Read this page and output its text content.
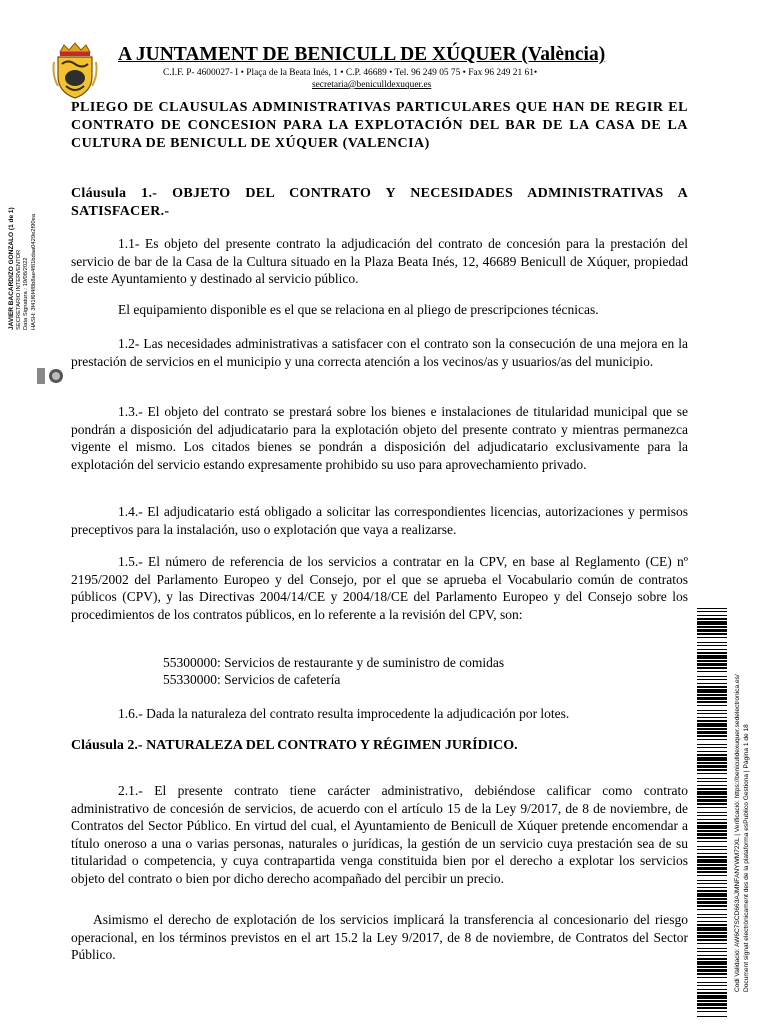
A JUNTAMENT DE BENICULL DE XÚQUER (València)
C.I.F. P- 4600027- I • Plaça de la Beata Inés, 1 • C.P. 46689 • Tel. 96 249 05 75 • Fax 96 249 21 61•
secretaria@beniculldexuquer.es
PLIEGO DE CLAUSULAS ADMINISTRATIVAS PARTICULARES QUE HAN DE REGIR EL CONTRATO DE CONCESION PARA LA EXPLOTACIÓN DEL BAR DE LA CASA DE LA CULTURA DE BENICULL DE XÚQUER (VALENCIA)
Cláusula 1.- OBJETO DEL CONTRATO Y NECESIDADES ADMINISTRATIVAS A SATISFACER.-

1.1- Es objeto del presente contrato la adjudicación del contrato de concesión para la prestación del servicio de bar de la Casa de la Cultura situado en la Plaza Beata Inés, 12, 46689 Benicull de Xúquer, propiedad de este Ayuntamiento y destinado al servicio público.

El equipamiento disponible es el que se relaciona en al pliego de prescripciones técnicas.

1.2- Las necesidades administrativas a satisfacer con el contrato son la consecución de una mejora en la prestación de servicios en el municipio y una correcta atención a los vecinos/as y usuarios/as del municipio.

1.3.- El objeto del contrato se prestará sobre los bienes e instalaciones de titularidad municipal que se pondrán a disposición del adjudicatario para la explotación objeto del presente contrato y mientras permanezca vigente el mismo. Los citados bienes se pondrán a disposición del adjudicatario exclusivamente para la explotación del servicio estando expresamente prohibido su uso para aprovechamiento privado.

1.4.- El adjudicatario está obligado a solicitar las correspondientes licencias, autorizaciones y permisos preceptivos para la instalación, uso o explotación que vaya a realizarse.

1.5.- El número de referencia de los servicios a contratar en la CPV, en base al Reglamento (CE) nº 2195/2002 del Parlamento Europeo y del Consejo, por el que se aprueba el Vocabulario común de contratos públicos (CPV), y las Directivas 2004/14/CE y 2004/18/CE del Parlamento Europeo y del Consejo sobre los procedimientos de los contratos públicos, en lo referente a la revisión del CPV, son:

55300000: Servicios de restaurante y de suministro de comidas

55330000: Servicios de cafetería

1.6.- Dada la naturaleza del contrato resulta improcedente la adjudicación por lotes.

Cláusula 2.- NATURALEZA DEL CONTRATO Y RÉGIMEN JURÍDICO.

2.1.- El presente contrato tiene carácter administrativo, debiéndose calificar como contrato administrativo de concesión de servicios, de acuerdo con el artículo 15 de la Ley 9/2017, de 8 de noviembre, de Contratos del Sector Público. En virtud del cual, el Ayuntamiento de Benicull de Xúquer pretende encomendar a título oneroso a una o varias personas, naturales o jurídicas, la gestión de un servicio cuya prestación sea de su titularidad o competencia, y cuya contrapartida venga constituida bien por el derecho a explotar los servicios objeto del contrato o bien por dicho derecho acompañado del percibir un precio.

Asimismo el derecho de explotación de los servicios implicará la transferencia al concesionario del riesgo operacional, en los términos previstos en el art 15.2 la Ley 9/2017, de 8 de noviembre, de Contratos del Sector Público.

JAVIER BACARDIZO GONZALO (1 de 1) SECRETARIO INTERVENTOR Data Signatura : 19/08/2022 HASH: 3f41f6f4f8b8ae4f81bdaa0429e2f90ea
Codi Validació: AW6C7SCD663AJMNFANYWM72XL | Verificació: https://beniculldexuquer.sedelectronica.es/ Document signat electrònicament des de la plataforma esPublico Gestiona | Pàgina 1 de 18
